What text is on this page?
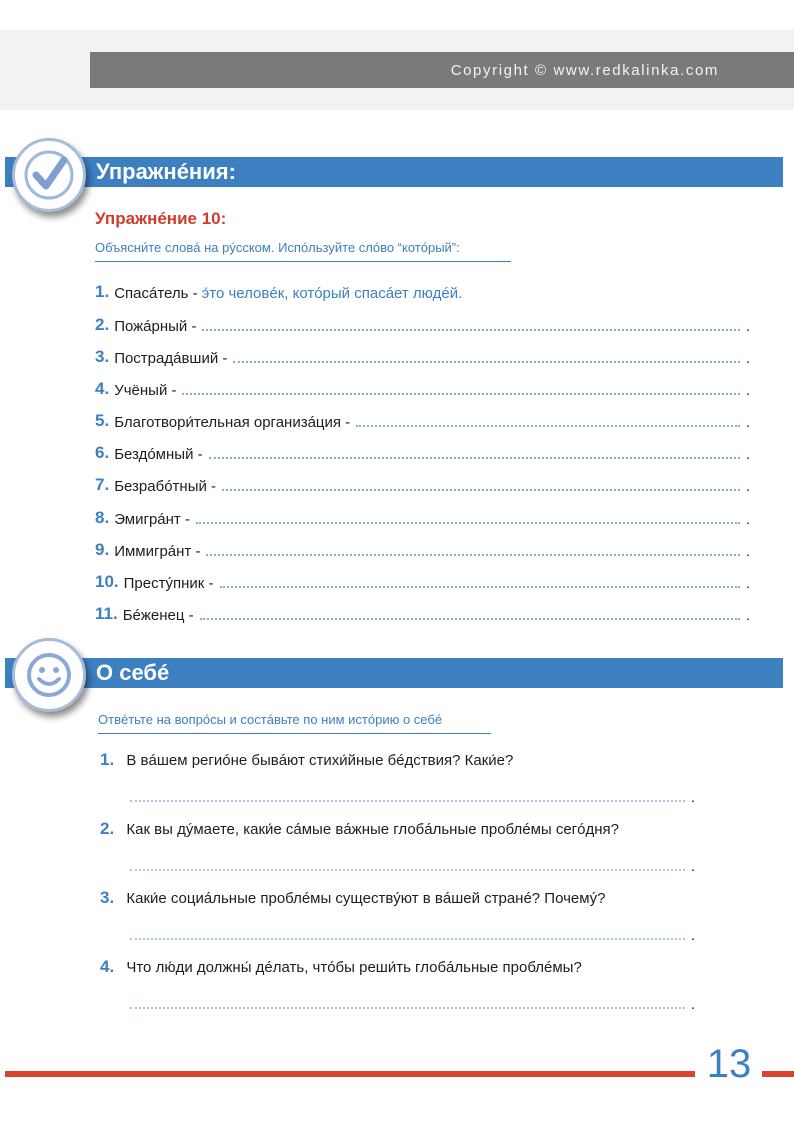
Copyright © www.redkalinka.com
Упражнéния:
Упражнéние 10:
Объясни́те словá на рýсском. Испóльзуйте слóво “котóрый”:
1. Спасáтель - э́то человéк, котóрый спасáет людéй.
2. Пожáрный -	.
3. Пострадáвший -	.
4. Учёный -	.
5. Благотвори́тельная организáция -	.
6. Бездóмный -	.
7. Безрабóтный -	.
8. Эмигрáнт -	.
9. Иммигрáнт -	.
10. Престýпник -	.
11. Бéженец -	.
О себé
Отвéтьте на вопрóсы и состáвьте по ним истóрию о себé
1. В вáшем региóне бывáют стихи́йные бéдствия? Каки́е?
.
2. Как вы дýмаете, каки́е сáмые вáжные глобáльные проблéмы сегóдня?
.
3. Каки́е социáльные проблéмы существýют в вáшей странé? Почемý?
.
4. Что лю́ди должны́ дéлать, чтóбы реши́ть глобáльные проблéмы?
.
13
